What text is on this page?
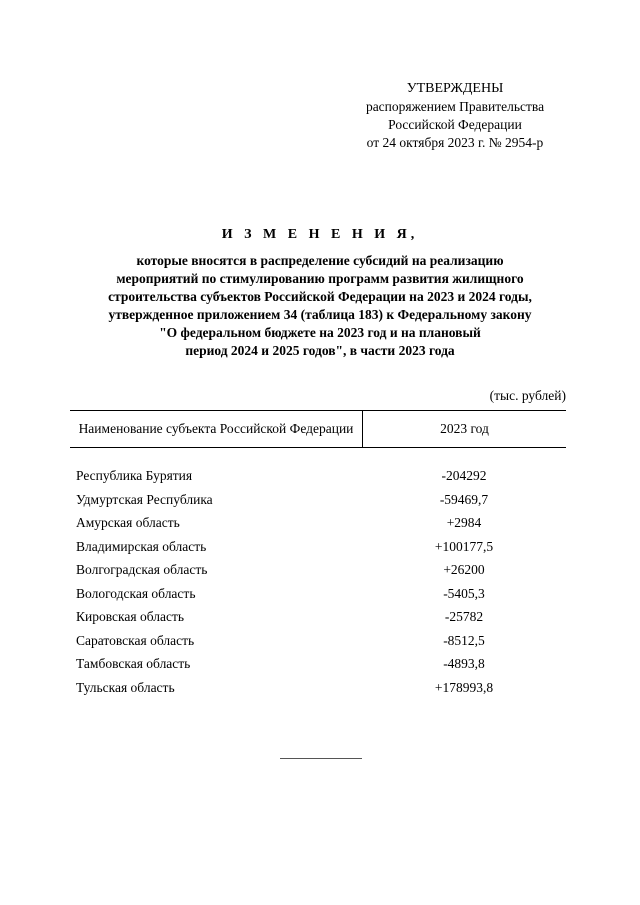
УТВЕРЖДЕНЫ
распоряжением Правительства
Российской Федерации
от 24 октября 2023 г. № 2954-р
И З М Е Н Е Н И Я,
которые вносятся в распределение субсидий на реализацию
мероприятий по стимулированию программ развития жилищного
строительства субъектов Российской Федерации на 2023 и 2024 годы,
утвержденное приложением 34 (таблица 183) к Федеральному закону
"О федеральном бюджете на 2023 год и на плановый
период 2024 и 2025 годов", в части 2023 года
(тыс. рублей)
Наименование субъекта Российской Федерации	2023 год
Республика Бурятия	-204292
Удмуртская Республика	-59469,7
Амурская область	+2984
Владимирская область	+100177,5
Волгоградская область	+26200
Вологодская область	-5405,3
Кировская область	-25782
Саратовская область	-8512,5
Тамбовская область	-4893,8
Тульская область	+178993,8
